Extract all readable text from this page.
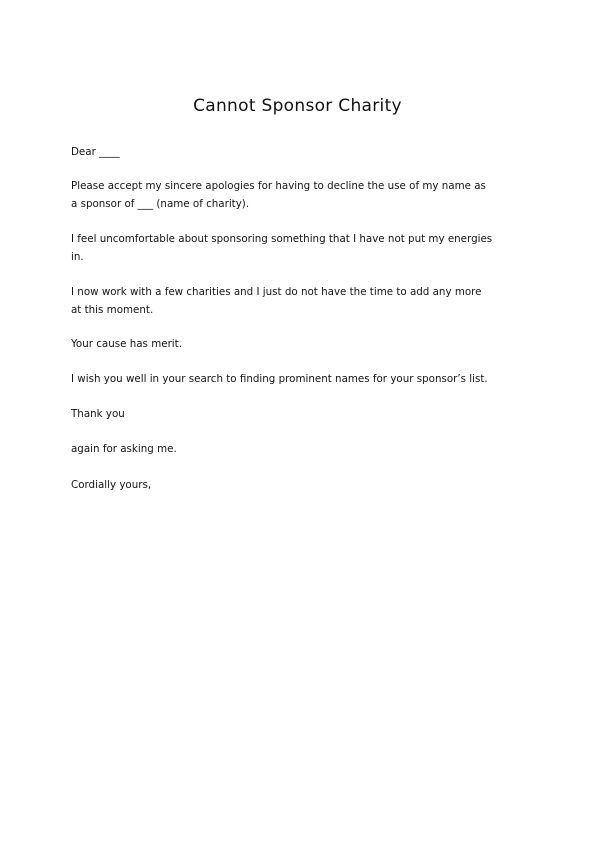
Cannot Sponsor Charity
Dear ____
Please accept my sincere apologies for having to decline the use of my name as
a sponsor of ___ (name of charity).
I feel uncomfortable about sponsoring something that I have not put my energies
in.
I now work with a few charities and I just do not have the time to add any more
at this moment.
Your cause has merit.
I wish you well in your search to finding prominent names for your sponsor’s list.
Thank you
again for asking me.
Cordially yours,
